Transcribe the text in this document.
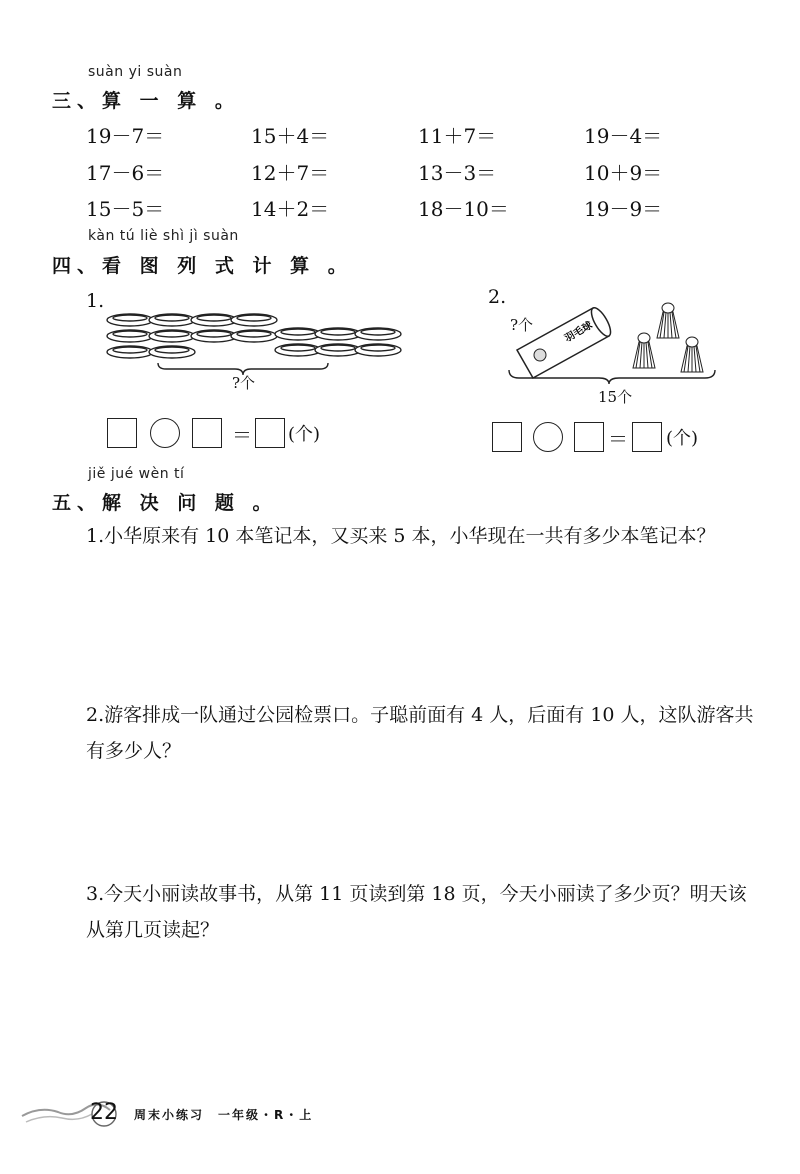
suàn yi suàn
三、算 一 算 。
19－7＝	15＋4＝	11＋7＝	19－4＝
17－6＝	12＋7＝	13－3＝	10＋9＝
15－5＝	14＋2＝	18－10＝	19－9＝
kàn tú liè shì jì suàn
四、看 图 列 式 计 算 。
1.
?个
＝ (个)
2.
?个	羽毛球
15个
＝ (个)
jiě jué wèn tí
五、解 决 问 题 。
1.小华原来有 10 本笔记本，又买来 5 本，小华现在一共有多少本笔记本？
2.游客排成一队通过公园检票口。子聪前面有 4 人，后面有 10 人，这队游客共有多少人？
3.今天小丽读故事书，从第 11 页读到第 18 页，今天小丽读了多少页？明天该从第几页读起？
22 周末小练习　一年级・R・上
